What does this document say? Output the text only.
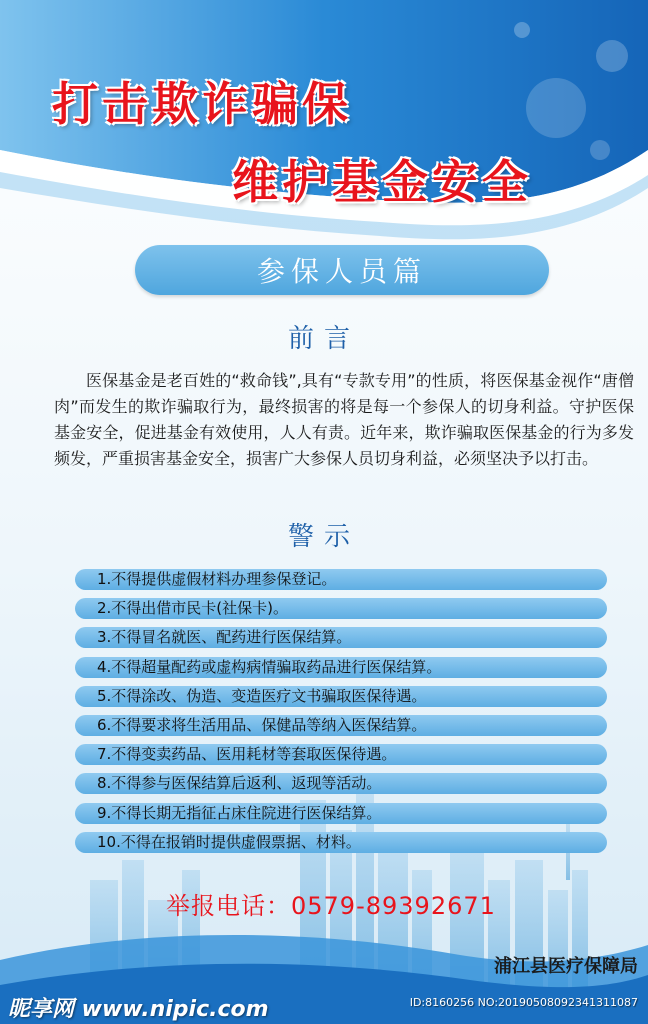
打击欺诈骗保
维护基金安全
参保人员篇
前言
医保基金是老百姓的“救命钱”,具有“专款专用”的性质，将医保基金视作“唐僧肉”而发生的欺诈骗取行为，最终损害的将是每一个参保人的切身利益。守护医保基金安全，促进基金有效使用，人人有责。近年来，欺诈骗取医保基金的行为多发频发，严重损害基金安全，损害广大参保人员切身利益，必须坚决予以打击。
警示
1.不得提供虚假材料办理参保登记。
2.不得出借市民卡(社保卡)。
3.不得冒名就医、配药进行医保结算。
4.不得超量配药或虚构病情骗取药品进行医保结算。
5.不得涂改、伪造、变造医疗文书骗取医保待遇。
6.不得要求将生活用品、保健品等纳入医保结算。
7.不得变卖药品、医用耗材等套取医保待遇。
8.不得参与医保结算后返利、返现等活动。
9.不得长期无指征占床住院进行医保结算。
10.不得在报销时提供虚假票据、材料。
举报电话：0579-89392671
浦江县医疗保障局
昵享网 www.nipic.com	ID:8160256 NO:20190508092341311087
